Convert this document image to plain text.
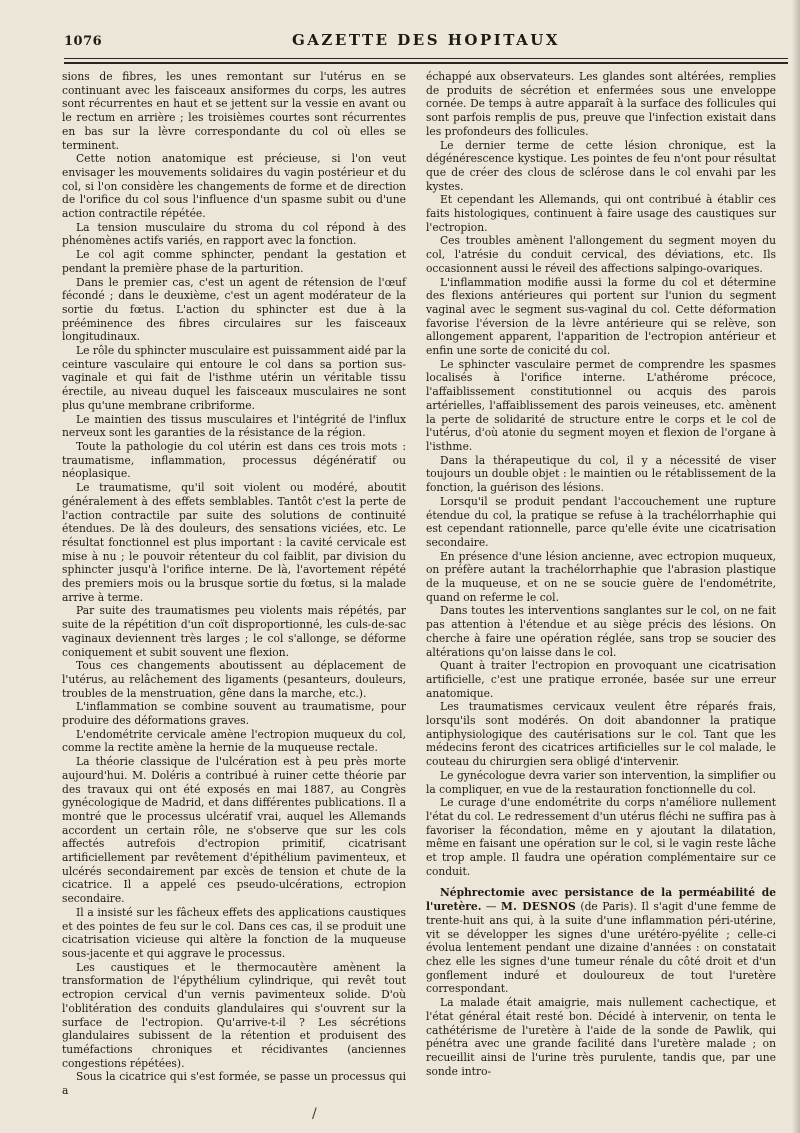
1076	GAZETTE DES HOPITAUX

sions de fibres, les unes remontant sur l'utérus en se continuant avec les faisceaux ansiformes du corps, les autres sont récurrentes en haut et se jettent sur la vessie en avant ou le rectum en arrière ; les troisièmes courtes sont récurrentes en bas sur la lèvre correspondante du col où elles se terminent.

Cette notion anatomique est précieuse, si l'on veut envisager les mouvements solidaires du vagin postérieur et du col, si l'on considère les changements de forme et de direction de l'orifice du col sous l'influence d'un spasme subit ou d'une action contractile répétée.

La tension musculaire du stroma du col répond à des phénomènes actifs variés, en rapport avec la fonction.

Le col agit comme sphincter, pendant la gestation et pendant la première phase de la parturition.

Dans le premier cas, c'est un agent de rétension de l'œuf fécondé ; dans le deuxième, c'est un agent modérateur de la sortie du fœtus. L'action du sphincter est due à la prééminence des fibres circulaires sur les faisceaux longitudinaux.

Le rôle du sphincter musculaire est puissamment aidé par la ceinture vasculaire qui entoure le col dans sa portion sus-vaginale et qui fait de l'isthme utérin un véritable tissu érectile, au niveau duquel les faisceaux musculaires ne sont plus qu'une membrane cribriforme.

Le maintien des tissus musculaires et l'intégrité de l'influx nerveux sont les garanties de la résistance de la région.

Toute la pathologie du col utérin est dans ces trois mots : traumatisme, inflammation, processus dégénératif ou néoplasique.

Le traumatisme, qu'il soit violent ou modéré, aboutit généralement à des effets semblables. Tantôt c'est la perte de l'action contractile par suite des solutions de continuité étendues. De là des douleurs, des sensations viciées, etc. Le résultat fonctionnel est plus important : la cavité cervicale est mise à nu ; le pouvoir rétenteur du col faiblit, par division du sphincter jusqu'à l'orifice interne. De là, l'avortement répété des premiers mois ou la brusque sortie du fœtus, si la malade arrive à terme.

Par suite des traumatismes peu violents mais répétés, par suite de la répétition d'un coït disproportionné, les culs-de-sac vaginaux deviennent très larges ; le col s'allonge, se déforme coniquement et subit souvent une flexion.

Tous ces changements aboutissent au déplacement de l'utérus, au relâchement des ligaments (pesanteurs, douleurs, troubles de la menstruation, gêne dans la marche, etc.).

L'inflammation se combine souvent au traumatisme, pour produire des déformations graves.

L'endométrite cervicale amène l'ectropion muqueux du col, comme la rectite amène la hernie de la muqueuse rectale.

La théorie classique de l'ulcération est à peu près morte aujourd'hui. M. Doléris a contribué à ruiner cette théorie par des travaux qui ont été exposés en mai 1887, au Congrès gynécologique de Madrid, et dans différentes publications. Il a montré que le processus ulcératif vrai, auquel les Allemands accordent un certain rôle, ne s'observe que sur les cols affectés autrefois d'ectropion primitif, cicatrisant artificiellement par revêtement d'épithélium pavimenteux, et ulcérés secondairement par excès de tension et chute de la cicatrice. Il a appelé ces pseudo-ulcérations, ectropion secondaire.

Il a insisté sur les fâcheux effets des applications caustiques et des pointes de feu sur le col. Dans ces cas, il se produit une cicatrisation vicieuse qui altère la fonction de la muqueuse sous-jacente et qui aggrave le processus.

Les caustiques et le thermocautère amènent la transformation de l'épythélium cylindrique, qui revêt tout ectropion cervical d'un vernis pavimenteux solide. D'où l'oblitération des conduits glandulaires qui s'ouvrent sur la surface de l'ectropion. Qu'arrive-t-il ? Les sécrétions glandulaires subissent de la rétention et produisent des tuméfactions chroniques et récidivantes (anciennes congestions répétées).

Sous la cicatrice qui s'est formée, se passe un processus qui a

échappé aux observateurs. Les glandes sont altérées, remplies de produits de sécrétion et enfermées sous une enveloppe cornée. De temps à autre apparaît à la surface des follicules qui sont parfois remplis de pus, preuve que l'infection existait dans les profondeurs des follicules.

Le dernier terme de cette lésion chronique, est la dégénérescence kystique. Les pointes de feu n'ont pour résultat que de créer des clous de sclérose dans le col envahi par les kystes.

Et cependant les Allemands, qui ont contribué à établir ces faits histologiques, continuent à faire usage des caustiques sur l'ectropion.

Ces troubles amènent l'allongement du segment moyen du col, l'atrésie du conduit cervical, des déviations, etc. Ils occasionnent aussi le réveil des affections salpingo-ovariques.

L'inflammation modifie aussi la forme du col et détermine des flexions antérieures qui portent sur l'union du segment vaginal avec le segment sus-vaginal du col. Cette déformation favorise l'éversion de la lèvre antérieure qui se relève, son allongement apparent, l'apparition de l'ectropion antérieur et enfin une sorte de conicité du col.

Le sphincter vasculaire permet de comprendre les spasmes localisés à l'orifice interne. L'athérome précoce, l'affaiblissement constitutionnel ou acquis des parois artérielles, l'affaiblissement des parois veineuses, etc. amènent la perte de solidarité de structure entre le corps et le col de l'utérus, d'où atonie du segment moyen et flexion de l'organe à l'isthme.

Dans la thérapeutique du col, il y a nécessité de viser toujours un double objet : le maintien ou le rétablissement de la fonction, la guérison des lésions.

Lorsqu'il se produit pendant l'accouchement une rupture étendue du col, la pratique se refuse à la trachélorrhaphie qui est cependant rationnelle, parce qu'elle évite une cicatrisation secondaire.

En présence d'une lésion ancienne, avec ectropion muqueux, on préfère autant la trachélorrhaphie que l'abrasion plastique de la muqueuse, et on ne se soucie guère de l'endométrite, quand on referme le col.

Dans toutes les interventions sanglantes sur le col, on ne fait pas attention à l'étendue et au siège précis des lésions. On cherche à faire une opération réglée, sans trop se soucier des altérations qu'on laisse dans le col.

Quant à traiter l'ectropion en provoquant une cicatrisation artificielle, c'est une pratique erronée, basée sur une erreur anatomique.

Les traumatismes cervicaux veulent être réparés frais, lorsqu'ils sont modérés. On doit abandonner la pratique antiphysiologique des cautérisations sur le col. Tant que les médecins feront des cicatrices artificielles sur le col malade, le couteau du chirurgien sera obligé d'intervenir.

Le gynécologue devra varier son intervention, la simplifier ou la compliquer, en vue de la restauration fonctionnelle du col.

Le curage d'une endométrite du corps n'améliore nullement l'état du col. Le redressement d'un utérus fléchi ne suffira pas à favoriser la fécondation, même en y ajoutant la dilatation, même en faisant une opération sur le col, si le vagin reste lâche et trop ample. Il faudra une opération complémentaire sur ce conduit.

Néphrectomie avec persistance de la perméabilité de l'uretère. — M. DESNOS (de Paris). Il s'agit d'une femme de trente-huit ans qui, à la suite d'une inflammation péri-utérine, vit se développer les signes d'une urétéro-pyélite ; celle-ci évolua lentement pendant une dizaine d'années : on constatait chez elle les signes d'une tumeur rénale du côté droit et d'un gonflement induré et douloureux de tout l'uretère correspondant.

La malade était amaigrie, mais nullement cachectique, et l'état général était resté bon. Décidé à intervenir, on tenta le cathétérisme de l'uretère à l'aide de la sonde de Pawlik, qui pénétra avec une grande facilité dans l'uretère malade ; on recueillit ainsi de l'urine très purulente, tandis que, par une sonde intro-

/
